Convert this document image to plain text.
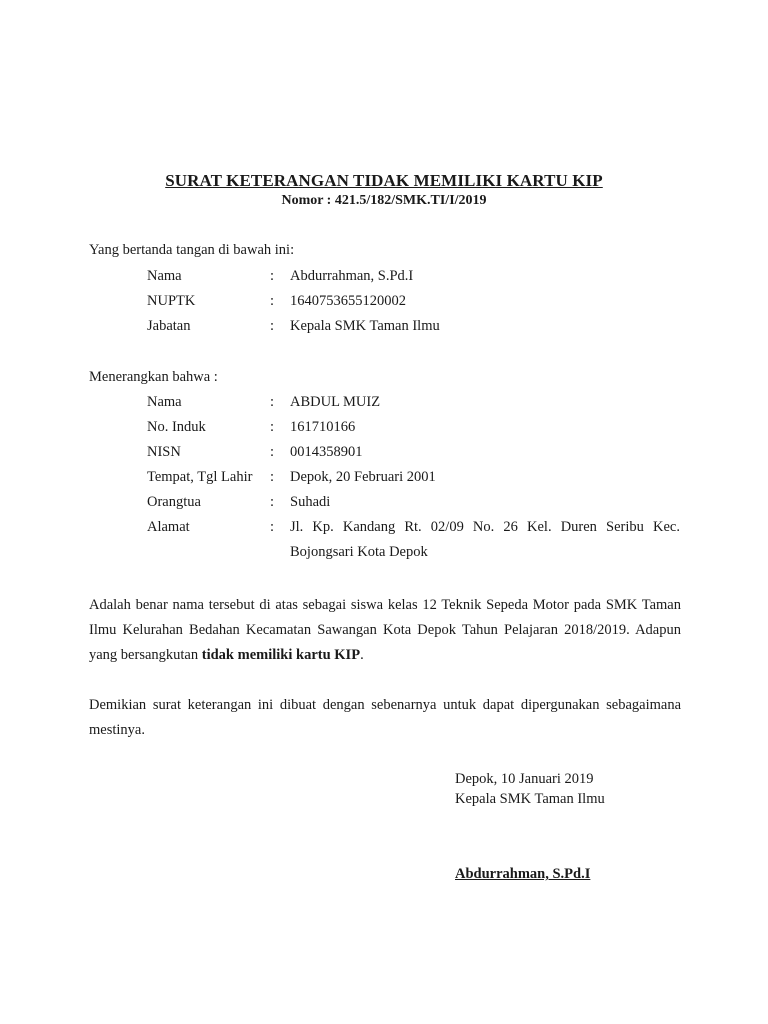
SURAT KETERANGAN TIDAK MEMILIKI KARTU KIP
Nomor : 421.5/182/SMK.TI/I/2019
Yang bertanda tangan di bawah ini:
Nama	: Abdurrahman, S.Pd.I
NUPTK	: 1640753655120002
Jabatan	: Kepala SMK Taman Ilmu
Menerangkan bahwa :
Nama	: ABDUL MUIZ
No. Induk	: 161710166
NISN	: 0014358901
Tempat, Tgl Lahir : Depok, 20 Februari 2001
Orangtua	: Suhadi
Alamat	: Jl. Kp. Kandang Rt. 02/09 No. 26 Kel. Duren Seribu Kec. Bojongsari Kota Depok
Adalah benar nama tersebut di atas sebagai siswa kelas 12 Teknik Sepeda Motor pada SMK Taman Ilmu Kelurahan Bedahan Kecamatan Sawangan Kota Depok Tahun Pelajaran 2018/2019. Adapun yang bersangkutan tidak memiliki kartu KIP.
Demikian surat keterangan ini dibuat dengan sebenarnya untuk dapat dipergunakan sebagaimana mestinya.
Depok, 10 Januari 2019
Kepala SMK Taman Ilmu
Abdurrahman, S.Pd.I
